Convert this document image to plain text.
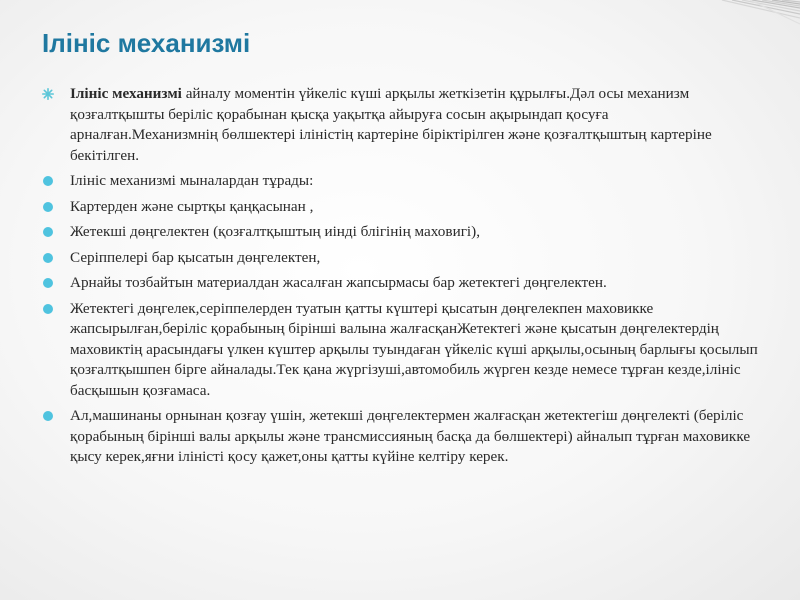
Ілініс механизмі
Ілініс механизмі айналу моментін үйкеліс күші арқылы жеткізетін құрылғы.Дәл осы механизм қозғалтқышты беріліс қорабынан қысқа уақытқа айыруға сосын ақырындап қосуға арналған.Механизмнің бөлшектері ілініcтің картеріне біріктірілген және қозғалтқыштың картеріне бекітілген.
Ілініс механизмі мыналардан тұрады:
Картерден және сыртқы қаңқасынан ,
Жетекші дөңгелектен (қозғалтқыштың иінді блігінің маховигі),
Серіппелері бар қысатын дөңгелектен,
Арнайы тозбайтын материалдан жасалған жапсырмасы бар жетектегі дөңгелектен.
Жетектегі дөңгелек,серіппелерден туатын қатты күштері қысатын дөңгелекпен маховикке жапсырылған,беріліс қорабының бірінші валына жалғасқанЖетектегі және қысатын дөңгелектердің маховиктің арасындағы үлкен күштер арқылы туындаған үйкеліс күші арқылы,осының барлығы қосылып қозғалтқышпен бірге айналады.Тек қана жүргізуші,автомобиль жүрген кезде немесе тұрған кезде,ілініс басқышын қозғамаса.
Ал,машинаны орнынан қозғау үшін, жетекші дөңгелектермен жалғасқан жетектегіш дөңгелекті (беріліс қорабының бірінші валы арқылы және трансмиссияның басқа да бөлшектері) айналып тұрған маховикке қысу керек,яғни ілініcті қосу қажет,оны қатты күйіне келтіру керек.
